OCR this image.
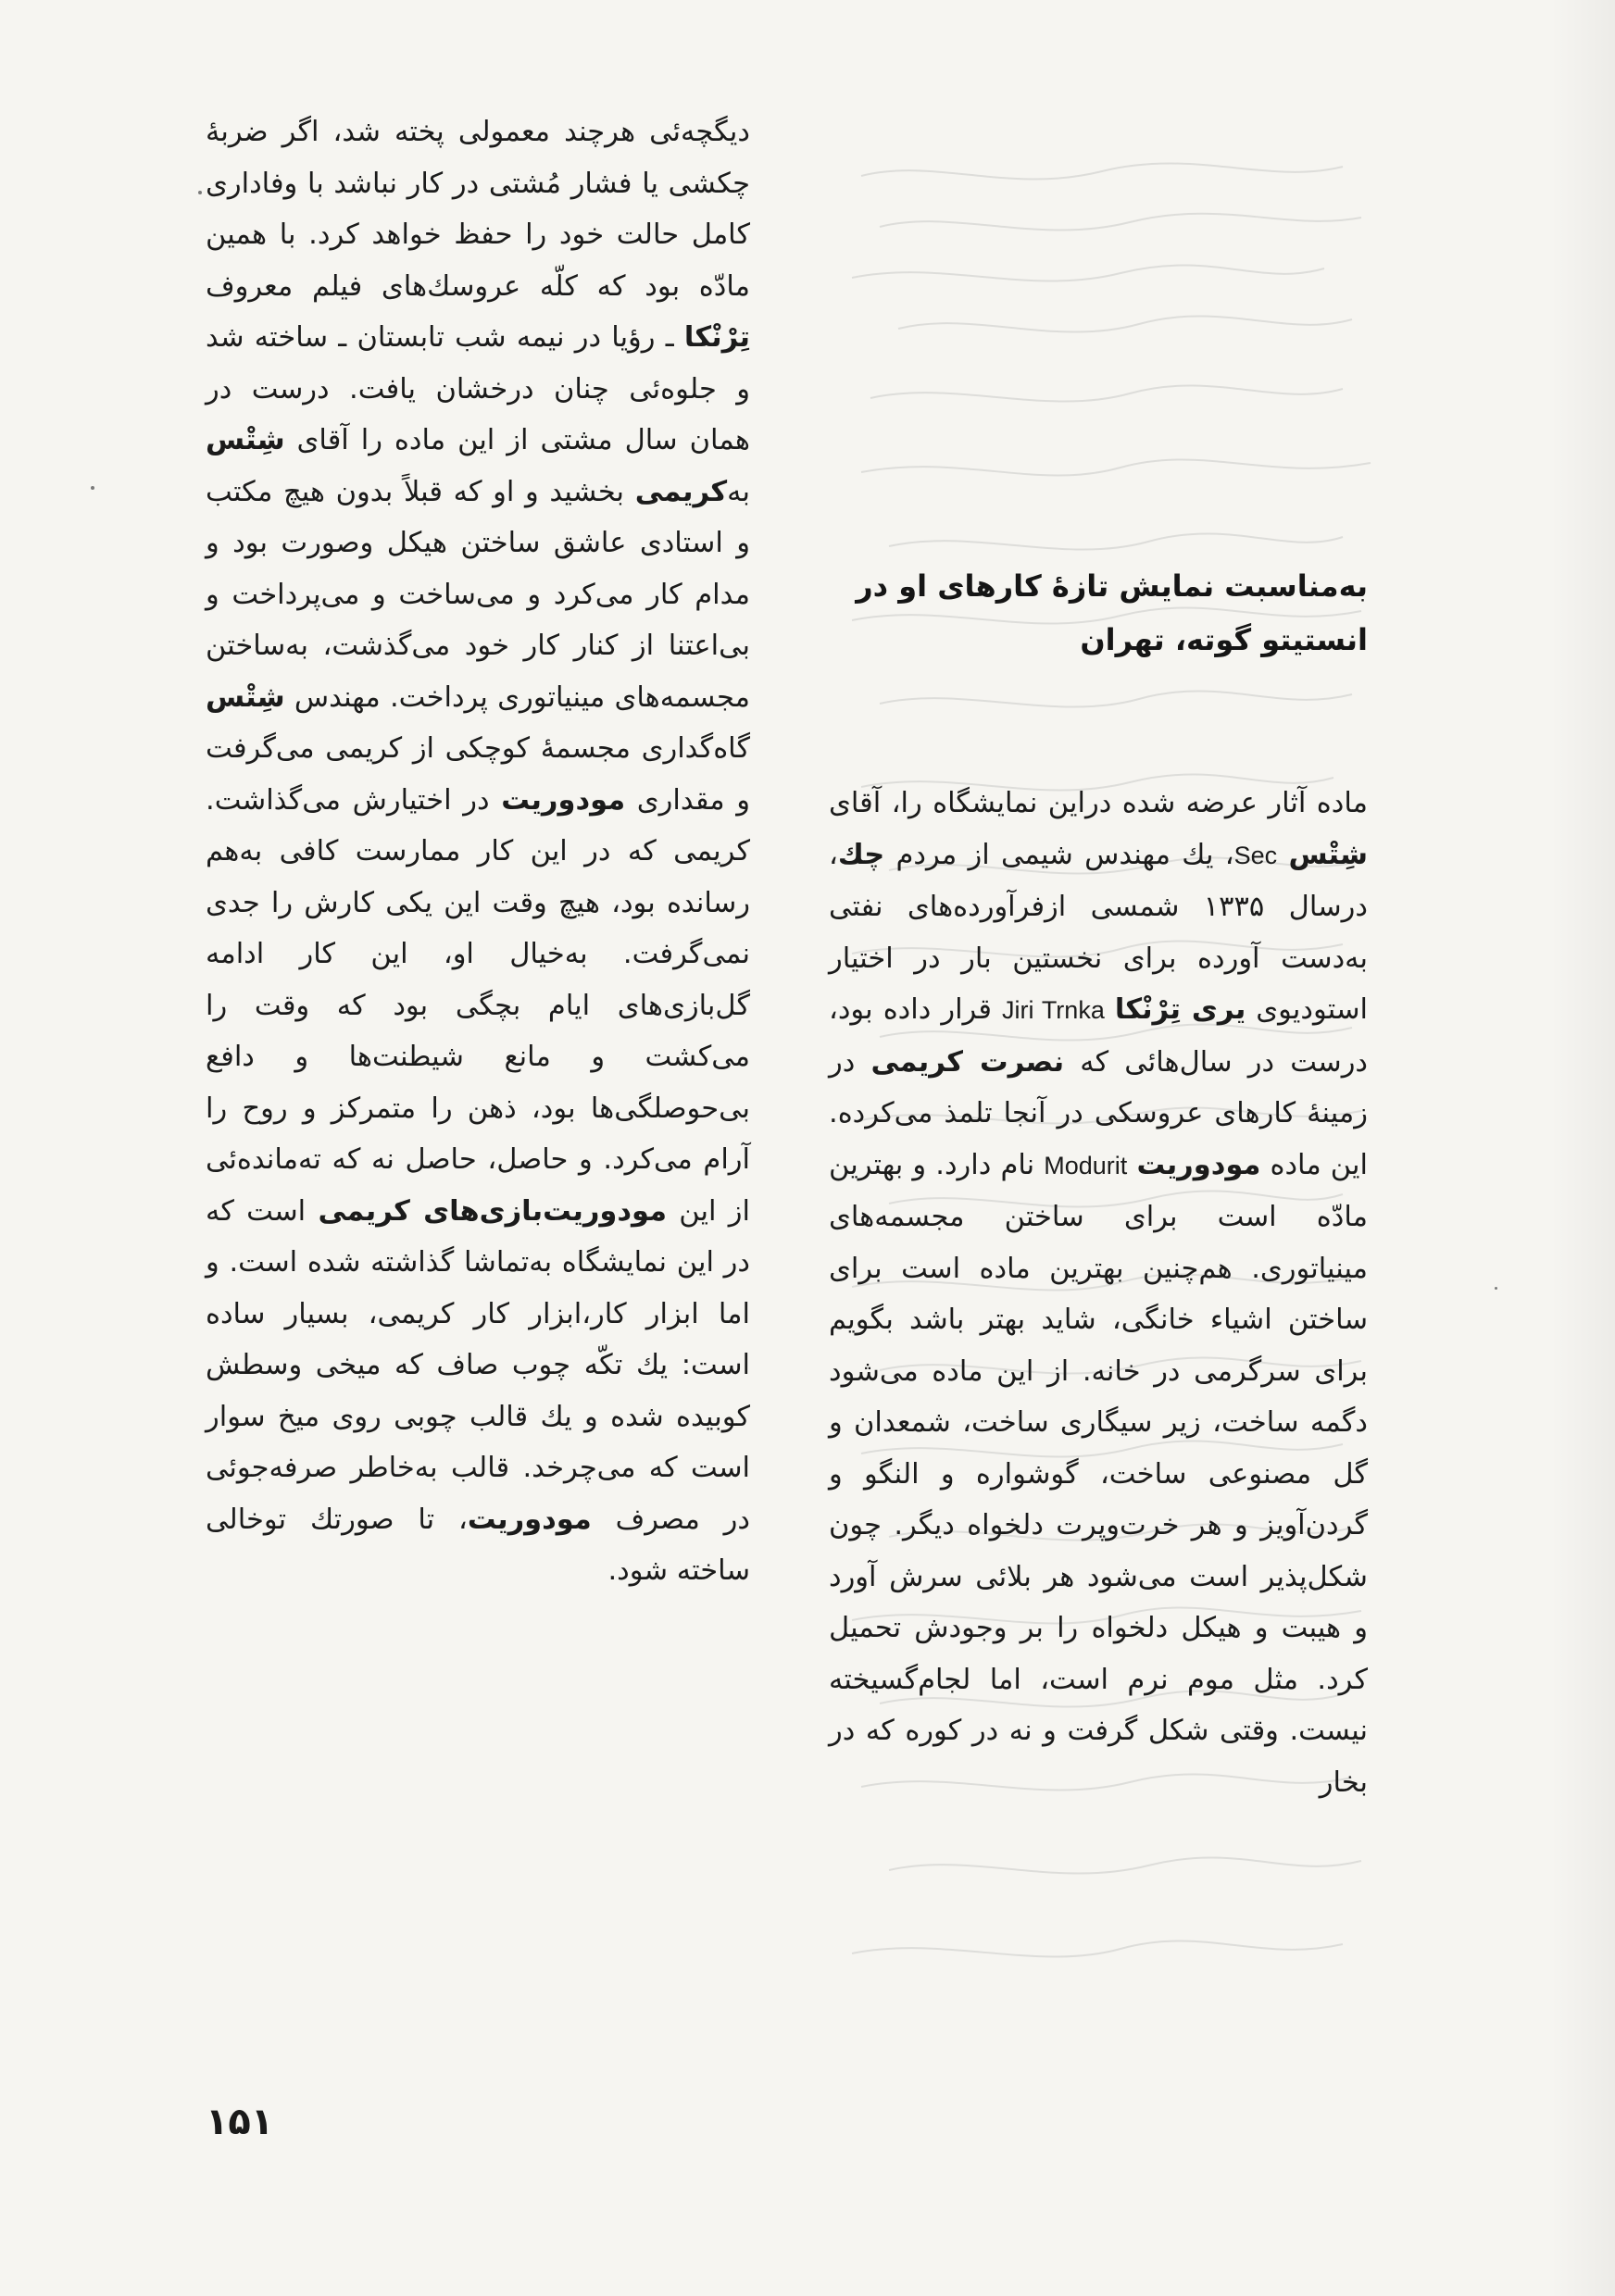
به‌مناسبت نمایش تازهٔ کارهای او در
انستیتو گوته، تهران

ماده آثار عرضه شده دراین نمایشگاه را، آقای شِتْس Sec، یك مهندس شیمی از مردم چك، درسال ۱۳۳۵ شمسی ازفرآورده‌های نفتی به‌دست آورده برای نخستین بار در اختیار استودیوی یری تِرْنْکا Jiri Trnka قرار داده بود، درست در سال‌هائی که نصرت کریمی در زمینهٔ کارهای عروسکی در آنجا تلمذ می‌کرده. این ماده مودوریت Modurit نام دارد. و بهترین مادّه است برای ساختن مجسمه‌های مینیاتوری. هم‌چنین بهترین ماده است برای ساختن اشیاء خانگی، شاید بهتر باشد بگویم برای سرگرمی در خانه. از این ماده می‌شود دگمه ساخت، زیر سیگاری ساخت، شمعدان و گل مصنوعی ساخت، گوشواره و النگو و گردن‌آویز و هر خرت‌وپرت دلخواه دیگر. چون شکل‌پذیر است می‌شود هر بلائی سرش آورد و هیبت و هیکل دلخواه را بر وجودش تحمیل کرد. مثل موم نرم است، اما لجام‌گسیخته نیست. وقتی شکل گرفت و نه در کوره که در بخار

دیگچه‌ئی هرچند معمولی پخته شد، اگر ضربهٔ چکشی یا فشار مُشتی در کار نباشد با وفاداری کامل حالت خود را حفظ خواهد کرد. با همین مادّه بود که کلّه عروسك‌های فیلم معروف تِرْنْکا ـ رؤیا در نیمه شب تابستان ـ ساخته شد و جلوه‌ئی چنان درخشان یافت. درست در همان سال مشتی از این ماده را آقای شِتْس به‌کریمی بخشید و او که قبلاً بدون هیچ مکتب و استادی عاشق ساختن هیکل وصورت بود و مدام کار می‌کرد و می‌ساخت و می‌پرداخت و بی‌اعتنا از کنار کار خود می‌گذشت، به‌ساختن مجسمه‌های مینیاتوری پرداخت. مهندس شِتْس گاه‌گداری مجسمهٔ کوچکی از کریمی می‌گرفت و مقداری مودوریت در اختیارش می‌گذاشت. کریمی که در این کار ممارست کافی به‌هم رسانده بود، هیچ وقت این یکی کارش را جدی نمی‌گرفت. به‌خیال او، این کار ادامه گل‌بازی‌های ایام بچگی بود که وقت را می‌کشت و مانع شیطنت‌ها و دافع بی‌حوصلگی‌ها بود، ذهن را متمرکز و روح را آرام می‌کرد. و حاصل، حاصل نه که ته‌مانده‌ئی از این مودوریت‌بازی‌های کریمی است که در این نمایشگاه به‌تماشا گذاشته شده است. و اما ابزار کار،ابزار کار کریمی، بسیار ساده است: یك تکّه چوب صاف که میخی وسطش کوبیده شده و یك قالب چوبی روی میخ سوار است که می‌چرخد. قالب به‌خاطر صرفه‌جوئی در مصرف مودوریت، تا صورتك توخالی ساخته شود.

۱۵۱
